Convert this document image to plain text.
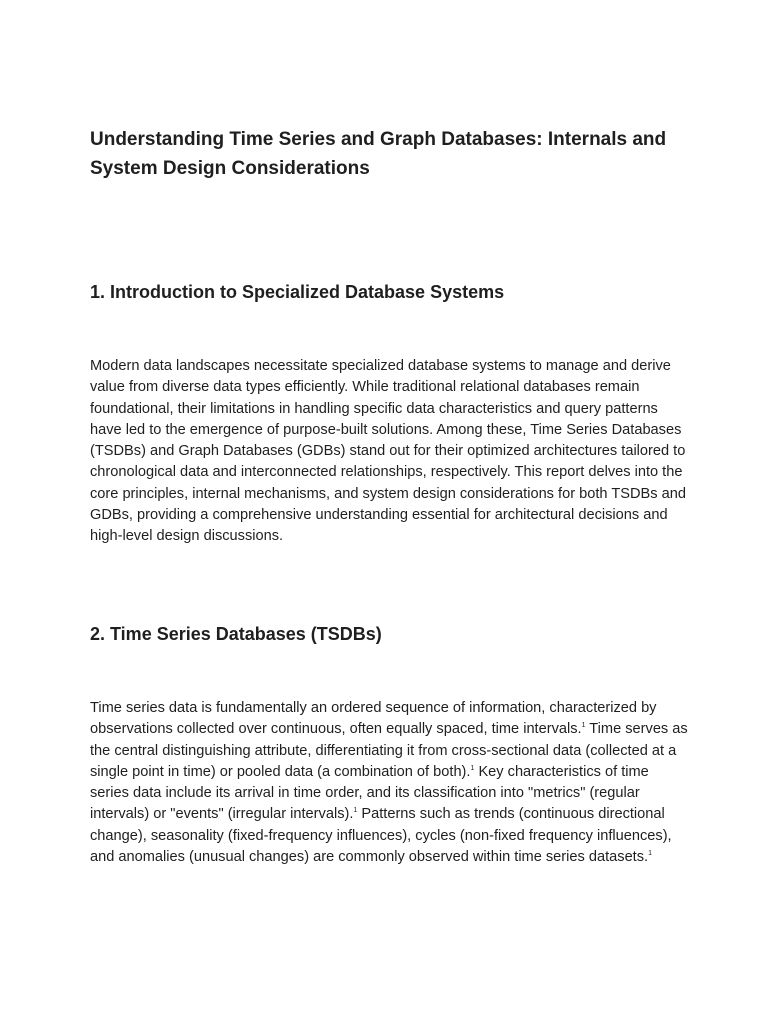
Understanding Time Series and Graph Databases: Internals and System Design Considerations
1. Introduction to Specialized Database Systems

Modern data landscapes necessitate specialized database systems to manage and derive value from diverse data types efficiently. While traditional relational databases remain foundational, their limitations in handling specific data characteristics and query patterns have led to the emergence of purpose-built solutions. Among these, Time Series Databases (TSDBs) and Graph Databases (GDBs) stand out for their optimized architectures tailored to chronological data and interconnected relationships, respectively. This report delves into the core principles, internal mechanisms, and system design considerations for both TSDBs and GDBs, providing a comprehensive understanding essential for architectural decisions and high-level design discussions.

2. Time Series Databases (TSDBs)

Time series data is fundamentally an ordered sequence of information, characterized by observations collected over continuous, often equally spaced, time intervals.$^1$ Time serves as the central distinguishing attribute, differentiating it from cross-sectional data (collected at a single point in time) or pooled data (a combination of both).$^1$ Key characteristics of time series data include its arrival in time order, and its classification into "metrics" (regular intervals) or "events" (irregular intervals).$^1$ Patterns such as trends (continuous directional change), seasonality (fixed-frequency influences), cycles (non-fixed frequency influences), and anomalies (unusual changes) are commonly observed within time series datasets.$^1$
